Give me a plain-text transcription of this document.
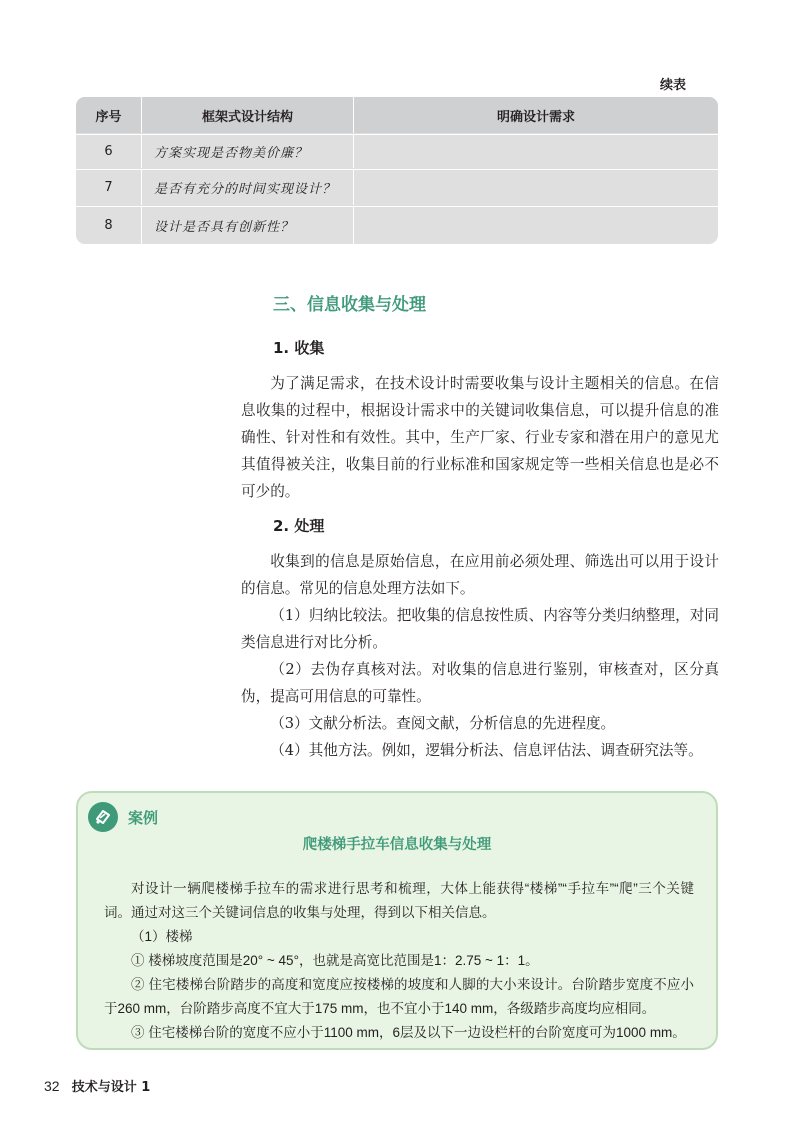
续表
序号	框架式设计结构	明确设计需求
6	方案实现是否物美价廉？
7	是否有充分的时间实现设计？
8	设计是否具有创新性？
三、信息收集与处理
1. 收集
为了满足需求，在技术设计时需要收集与设计主题相关的信息。在信息收集的过程中，根据设计需求中的关键词收集信息，可以提升信息的准确性、针对性和有效性。其中，生产厂家、行业专家和潜在用户的意见尤其值得被关注，收集目前的行业标准和国家规定等一些相关信息也是必不可少的。
2. 处理
收集到的信息是原始信息，在应用前必须处理、筛选出可以用于设计的信息。常见的信息处理方法如下。
（1）归纳比较法。把收集的信息按性质、内容等分类归纳整理，对同类信息进行对比分析。
（2）去伪存真核对法。对收集的信息进行鉴别，审核查对，区分真伪，提高可用信息的可靠性。
（3）文献分析法。查阅文献，分析信息的先进程度。
（4）其他方法。例如，逻辑分析法、信息评估法、调查研究法等。
案例
爬楼梯手拉车信息收集与处理
对设计一辆爬楼梯手拉车的需求进行思考和梳理，大体上能获得“楼梯”“手拉车”“爬”三个关键词。通过对这三个关键词信息的收集与处理，得到以下相关信息。
（1）楼梯
① 楼梯坡度范围是20° ~ 45°，也就是高宽比范围是1：2.75 ~ 1：1。
② 住宅楼梯台阶踏步的高度和宽度应按楼梯的坡度和人脚的大小来设计。台阶踏步宽度不应小于260 mm，台阶踏步高度不宜大于175 mm，也不宜小于140 mm，各级踏步高度均应相同。
③ 住宅楼梯台阶的宽度不应小于1100 mm，6层及以下一边设栏杆的台阶宽度可为1000 mm。
32 技术与设计 1
